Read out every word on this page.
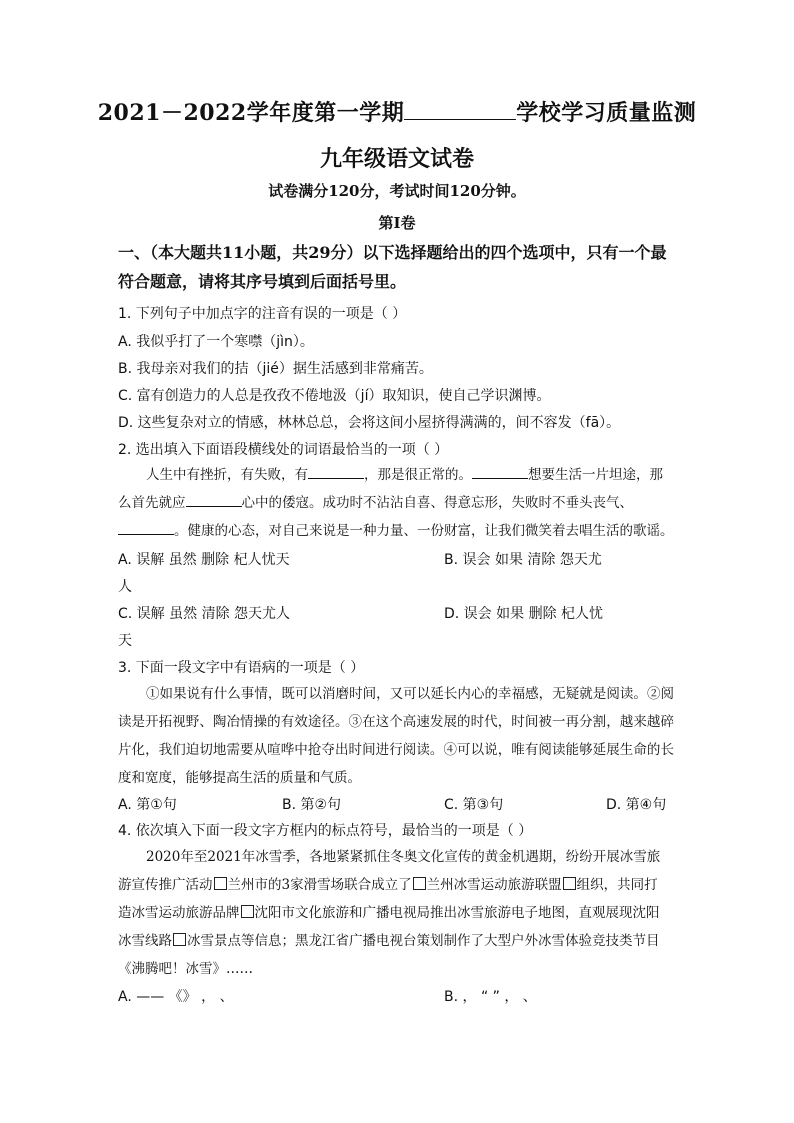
2021－2022学年度第一学期	学校学习质量监测
九年级语文试卷
试卷满分120分，考试时间120分钟。
第Ⅰ卷
一、（本大题共11小题，共29分）以下选择题给出的四个选项中，只有一个最
符合题意，请将其序号填到后面括号里。
1. 下列句子中加点字的注音有误的一项是（ ）
A. 我似乎打了一个寒噤（jìn）。
B. 我母亲对我们的拮（jié）据生活感到非常痛苦。
C. 富有创造力的人总是孜孜不倦地汲（jí）取知识，使自己学识渊博。
D. 这些复杂对立的情感，林林总总，会将这间小屋挤得满满的，间不容发（fā）。
2. 选出填入下面语段横线处的词语最恰当的一项（ ）
人生中有挫折，有失败，有	，那是很正常的。	想要生活一片坦途，那
么首先就应	心中的倭寇。成功时不沾沾自喜、得意忘形，失败时不垂头丧气、
。健康的心态，对自己来说是一种力量、一份财富，让我们微笑着去唱生活的歌谣。
A. 误解 虽然 删除 杞人忧天	B. 误会 如果 清除 怨天尤
人
C. 误解 虽然 清除 怨天尤人	D. 误会 如果 删除 杞人忧
天
3. 下面一段文字中有语病的一项是（ ）
①如果说有什么事情，既可以消磨时间，又可以延长内心的幸福感，无疑就是阅读。②阅读是开拓视野、陶冶情操的有效途径。③在这个高速发展的时代，时间被一再分割，越来越碎片化，我们迫切地需要从喧哗中抢夺出时间进行阅读。④可以说，唯有阅读能够延展生命的长度和宽度，能够提高生活的质量和气质。
A. 第①句	B. 第②句	C. 第③句	D. 第④句
4. 依次填入下面一段文字方框内的标点符号，最恰当的一项是（ ）
2020年至2021年冰雪季，各地紧紧抓住冬奥文化宣传的黄金机遇期，纷纷开展冰雪旅
游宣传推广活动 兰州市的3家滑雪场联合成立了 兰州冰雪运动旅游联盟 组织，共同打
造冰雪运动旅游品牌 沈阳市文化旅游和广播电视局推出冰雪旅游电子地图，直观展现沈阳
冰雪线路 冰雪景点等信息；黑龙江省广播电视台策划制作了大型户外冰雪体验竞技类节目
《沸腾吧！冰雪》……
A. —— 《》 ， 、	B. ， “ ” ， 、
